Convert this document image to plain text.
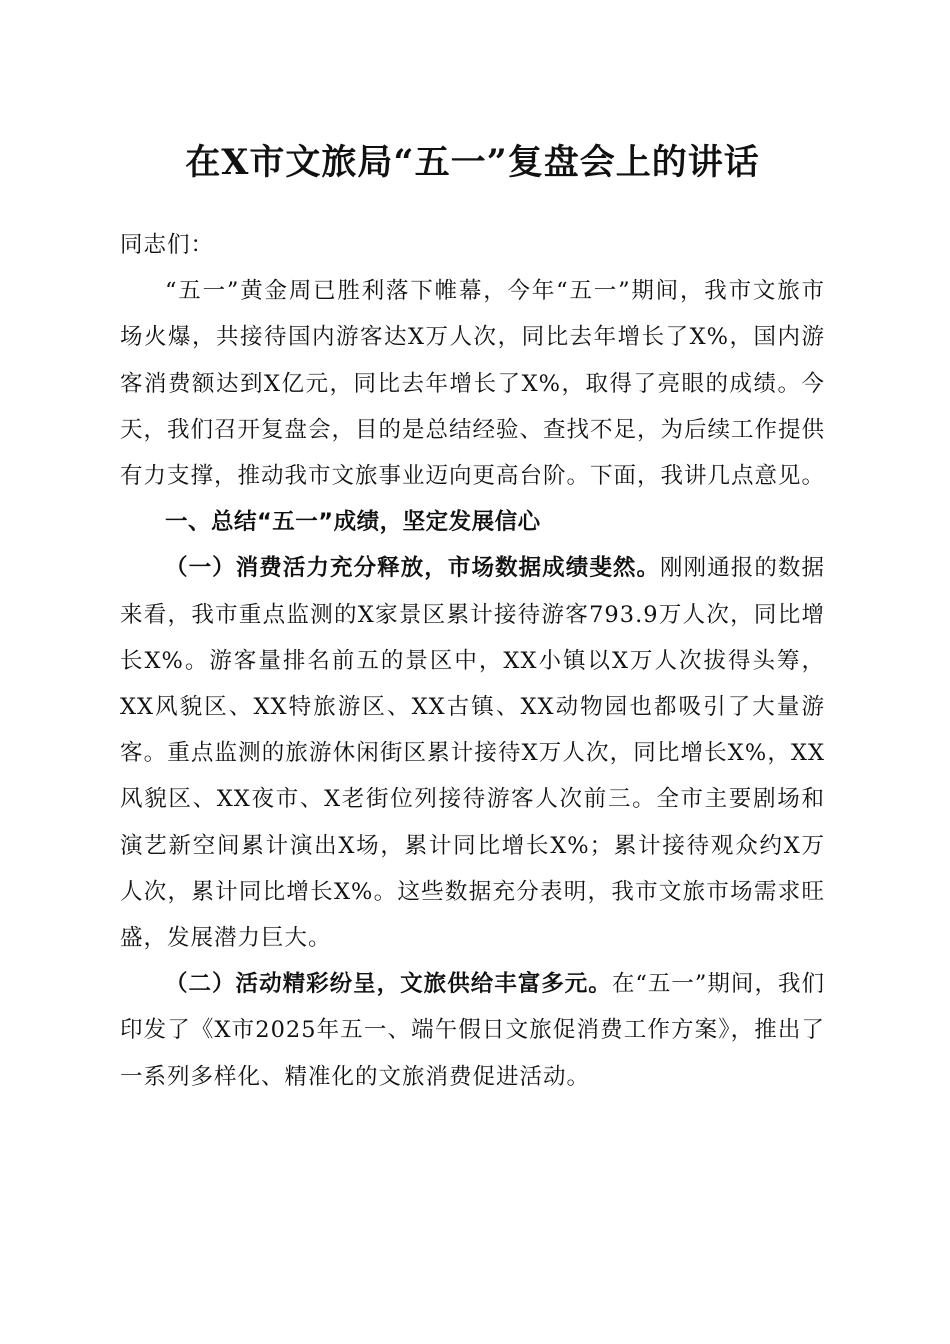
在X市文旅局“五一”复盘会上的讲话

同志们：

“五一”黄金周已胜利落下帷幕，今年“五一”期间，我市文旅市场火爆，共接待国内游客达X万人次，同比去年增长了X%，国内游客消费额达到X亿元，同比去年增长了X%，取得了亮眼的成绩。今天，我们召开复盘会，目的是总结经验、查找不足，为后续工作提供有力支撑，推动我市文旅事业迈向更高台阶。下面，我讲几点意见。

一、总结“五一”成绩，坚定发展信心

（一）消费活力充分释放，市场数据成绩斐然。刚刚通报的数据来看，我市重点监测的X家景区累计接待游客793.9万人次，同比增长X%。游客量排名前五的景区中，XX小镇以X万人次拔得头筹，XX风貌区、XX特旅游区、XX古镇、XX动物园也都吸引了大量游客。重点监测的旅游休闲街区累计接待X万人次，同比增长X%，XX风貌区、XX夜市、X老街位列接待游客人次前三。全市主要剧场和演艺新空间累计演出X场，累计同比增长X%；累计接待观众约X万人次，累计同比增长X%。这些数据充分表明，我市文旅市场需求旺盛，发展潜力巨大。

（二）活动精彩纷呈，文旅供给丰富多元。在“五一”期间，我们印发了《X市2025年五一、端午假日文旅促消费工作方案》，推出了一系列多样化、精准化的文旅消费促进活动。
